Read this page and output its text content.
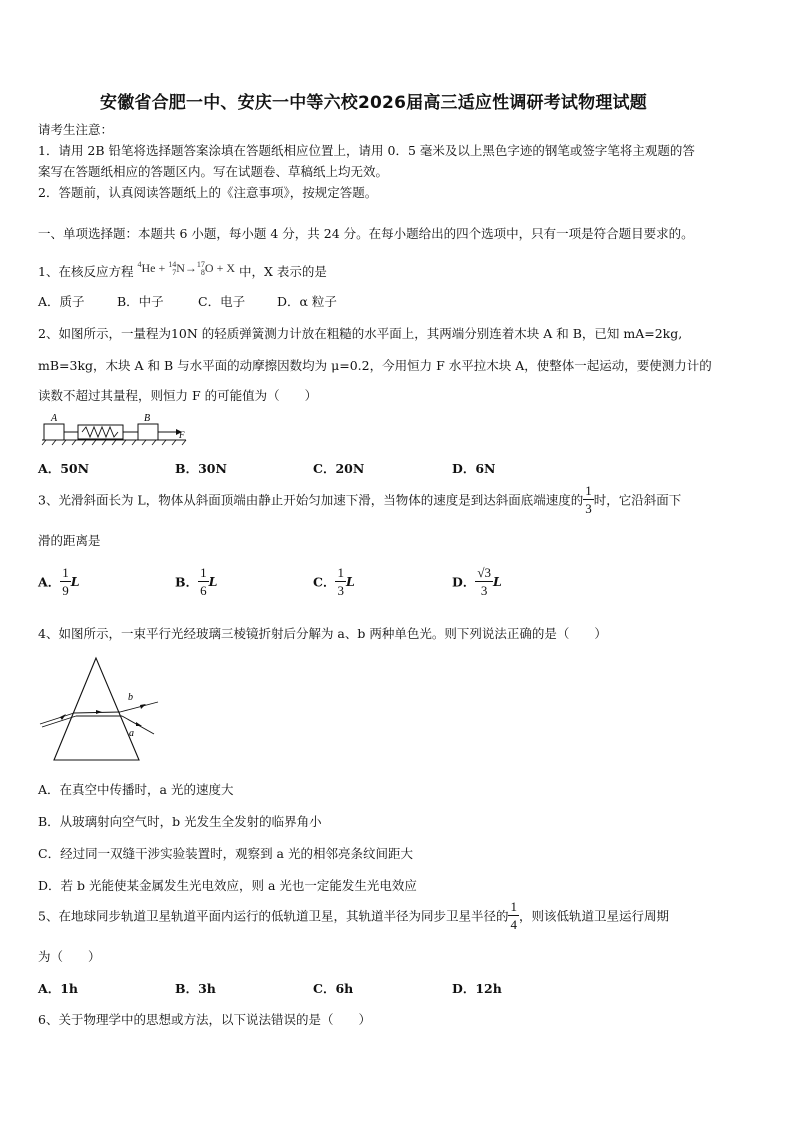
安徽省合肥一中、安庆一中等六校2026届高三适应性调研考试物理试题
请考生注意：
1．请用 2B 铅笔将选择题答案涂填在答题纸相应位置上，请用 0．5 毫米及以上黑色字迹的钢笔或签字笔将主观题的答
案写在答题纸相应的答题区内。写在试题卷、草稿纸上均无效。
2．答题前，认真阅读答题纸上的《注意事项》，按规定答题。
一、单项选择题：本题共 6 小题，每小题 4 分，共 24 分。在每小题给出的四个选项中，只有一项是符合题目要求的。
1、在核反应方程 $^4$He + 14
7 N→ 17
8 O + X 中，X 表示的是
A．质子	B．中子	C．电子	D．α 粒子
2、如图所示，一量程为10N 的轻质弹簧测力计放在粗糙的水平面上，其两端分别连着木块 A 和 B，已知 mA=2kg,
mB=3kg，木块 A 和 B 与水平面的动摩擦因数均为 μ=0.2，今用恒力 F 水平拉木块 A，使整体一起运动，要使测力计的
读数不超过其量程，则恒力 F 的可能值为（　　）
A	B
F
A．50N	B．30N	C．20N	D．6N
3、光滑斜面长为 L，物体从斜面顶端由静止开始匀加速下滑，当物体的速度是到达斜面底端速度的 $\frac{1}{3}$ 时，它沿斜面下
滑的距离是
A． $\frac{1}{9}$ L	B． $\frac{1}{6}$ L	C． $\frac{1}{3}$ L	D． $\frac{√3}{3}$ L
4、如图所示，一束平行光经玻璃三棱镜折射后分解为 a、b 两种单色光。则下列说法正确的是（　　）
b
a
A．在真空中传播时，a 光的速度大
B．从玻璃射向空气时，b 光发生全发射的临界角小
C．经过同一双缝干涉实验装置时，观察到 a 光的相邻亮条纹间距大
D．若 b 光能使某金属发生光电效应，则 a 光也一定能发生光电效应
5、在地球同步轨道卫星轨道平面内运行的低轨道卫星，其轨道半径为同步卫星半径的 $\frac{1}{4}$ ，则该低轨道卫星运行周期
为（　　）
A．1h	B．3h	C．6h	D．12h
6、关于物理学中的思想或方法，以下说法错误的是（　　）
